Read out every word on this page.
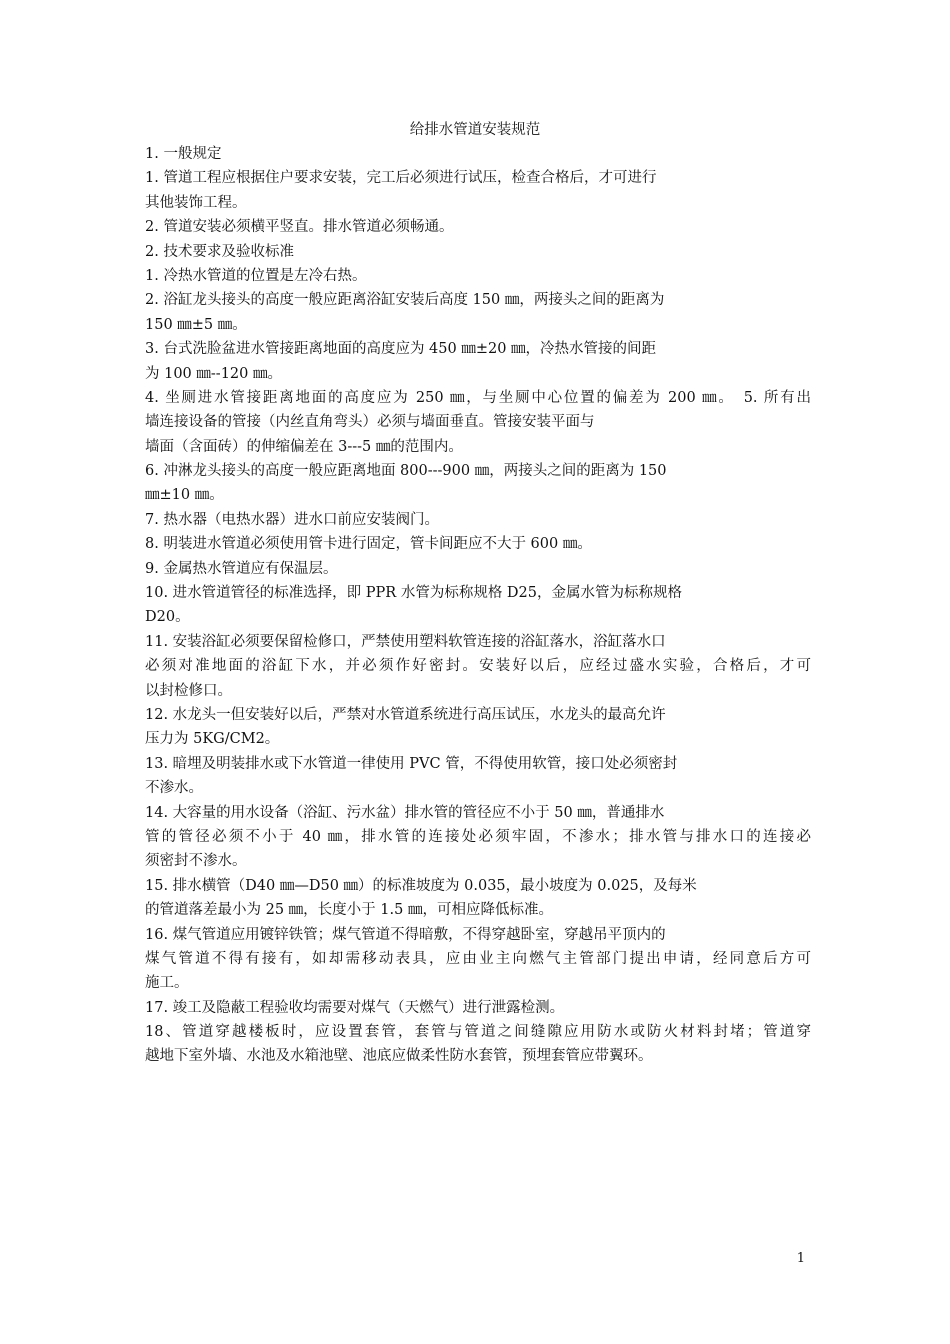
给排水管道安装规范
1. 一般规定
1. 管道工程应根据住户要求安装，完工后必须进行试压，检查合格后，才可进行
其他装饰工程。
2. 管道安装必须横平竖直。排水管道必须畅通。
2. 技术要求及验收标准
1. 冷热水管道的位置是左冷右热。
2. 浴缸龙头接头的高度一般应距离浴缸安装后高度 150 ㎜，两接头之间的距离为
150 ㎜±5 ㎜。
3. 台式洗脸盆进水管接距离地面的高度应为 450 ㎜±20 ㎜，冷热水管接的间距
为 100 ㎜--120 ㎜。
4. 坐厕进水管接距离地面的高度应为 250 ㎜，与坐厕中心位置的偏差为 200 ㎜。　5. 所有出
墙连接设备的管接（内丝直角弯头）必须与墙面垂直。管接安装平面与
墙面（含面砖）的伸缩偏差在 3---5 ㎜的范围内。
6. 冲淋龙头接头的高度一般应距离地面 800---900 ㎜，两接头之间的距离为 150
㎜±10 ㎜。
7. 热水器（电热水器）进水口前应安装阀门。
8. 明装进水管道必须使用管卡进行固定，管卡间距应不大于 600 ㎜。
9. 金属热水管道应有保温层。
10. 进水管道管径的标准选择，即 PPR 水管为标称规格 D25，金属水管为标称规格
D20。
11. 安装浴缸必须要保留检修口，严禁使用塑料软管连接的浴缸落水，浴缸落水口
必须对准地面的浴缸下水，并必须作好密封。安装好以后，应经过盛水实验，合格后，才可
以封检修口。
12. 水龙头一但安装好以后，严禁对水管道系统进行高压试压，水龙头的最高允许
压力为 5KG/CM2。
13. 暗埋及明装排水或下水管道一律使用 PVC 管，不得使用软管，接口处必须密封
不渗水。
14. 大容量的用水设备（浴缸、污水盆）排水管的管径应不小于 50 ㎜，普通排水
管的管径必须不小于 40 ㎜，排水管的连接处必须牢固，不渗水；排水管与排水口的连接必
须密封不渗水。
15. 排水横管（D40 ㎜—D50 ㎜）的标准坡度为 0.035，最小坡度为 0.025，及每米
的管道落差最小为 25 ㎜，长度小于 1.5 ㎜，可相应降低标准。
16. 煤气管道应用镀锌铁管；煤气管道不得暗敷，不得穿越卧室，穿越吊平顶内的
煤气管道不得有接有，如却需移动表具，应由业主向燃气主管部门提出申请，经同意后方可
施工。
17. 竣工及隐蔽工程验收均需要对煤气（天燃气）进行泄露检测。
18、管道穿越楼板时，应设置套管，套管与管道之间缝隙应用防水或防火材料封堵；管道穿
越地下室外墙、水池及水箱池壁、池底应做柔性防水套管，预埋套管应带翼环。
1
